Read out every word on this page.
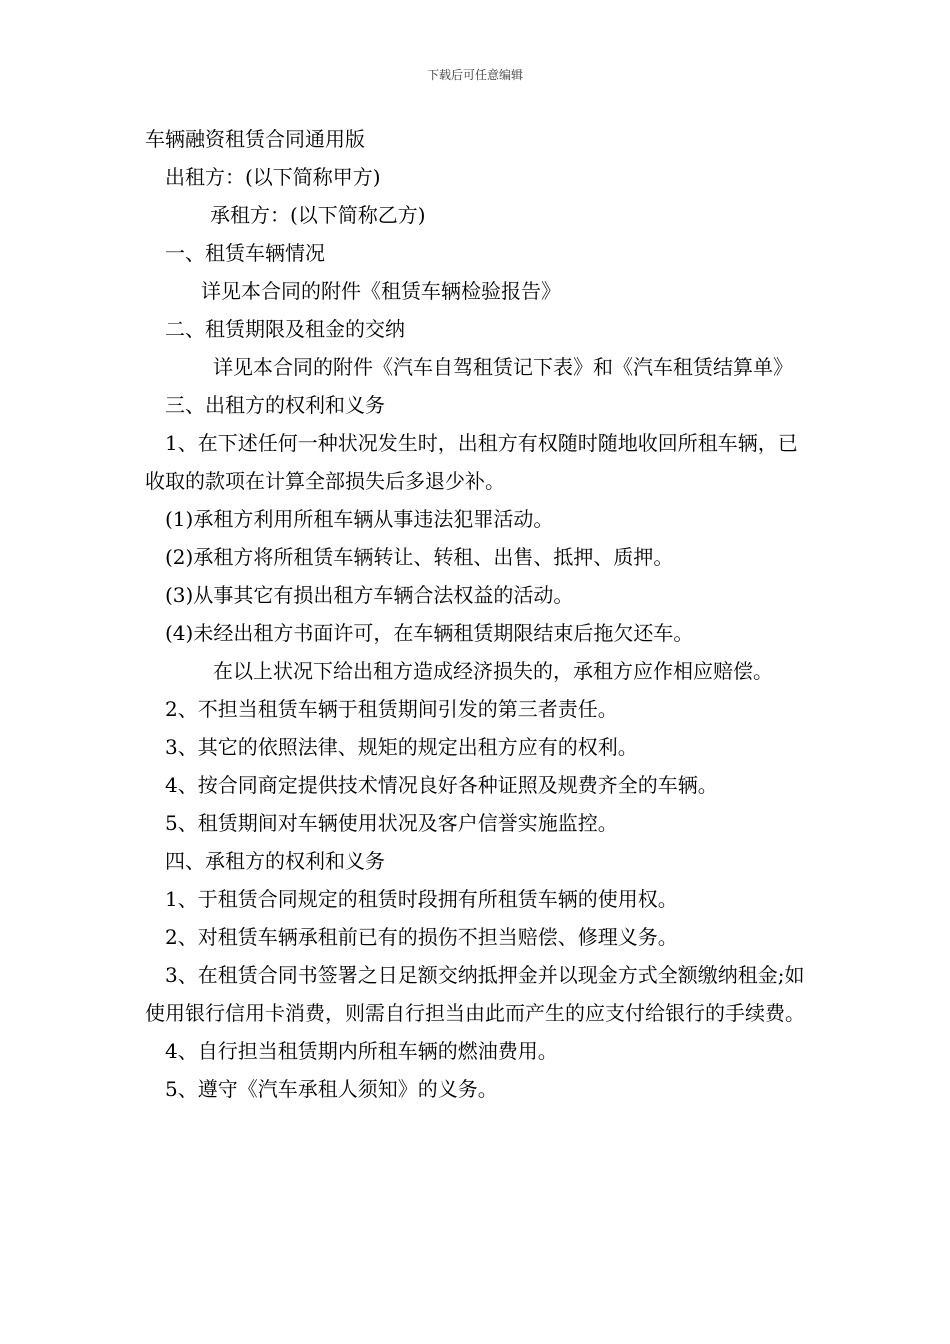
下载后可任意编辑

车辆融资租赁合同通用版

出租方：(以下简称甲方)

承租方：(以下简称乙方)

一、租赁车辆情况

详见本合同的附件《租赁车辆检验报告》

二、租赁期限及租金的交纳

详见本合同的附件《汽车自驾租赁记下表》和《汽车租赁结算单》

三、出租方的权利和义务

1、在下述任何一种状况发生时，出租方有权随时随地收回所租车辆，已收取的款项在计算全部损失后多退少补。

(1)承租方利用所租车辆从事违法犯罪活动。

(2)承租方将所租赁车辆转让、转租、出售、抵押、质押。

(3)从事其它有损出租方车辆合法权益的活动。

(4)未经出租方书面许可，在车辆租赁期限结束后拖欠还车。

在以上状况下给出租方造成经济损失的，承租方应作相应赔偿。

2、不担当租赁车辆于租赁期间引发的第三者责任。

3、其它的依照法律、规矩的规定出租方应有的权利。

4、按合同商定提供技术情况良好各种证照及规费齐全的车辆。

5、租赁期间对车辆使用状况及客户信誉实施监控。

四、承租方的权利和义务

1、于租赁合同规定的租赁时段拥有所租赁车辆的使用权。

2、对租赁车辆承租前已有的损伤不担当赔偿、修理义务。

3、在租赁合同书签署之日足额交纳抵押金并以现金方式全额缴纳租金;如使用银行信用卡消费，则需自行担当由此而产生的应支付给银行的手续费。

4、自行担当租赁期内所租车辆的燃油费用。

5、遵守《汽车承租人须知》的义务。
